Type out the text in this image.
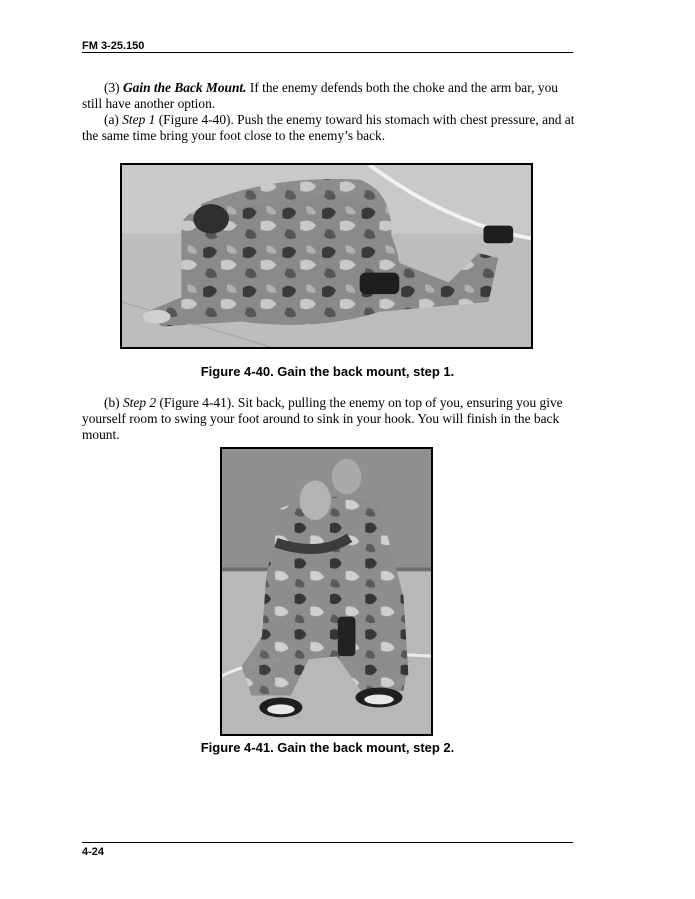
FM 3-25.150

(3) Gain the Back Mount. If the enemy defends both the choke and the arm bar, you still have another option.

(a) Step 1 (Figure 4-40). Push the enemy toward his stomach with chest pressure, and at the same time bring your foot close to the enemy’s back.

Figure 4-40. Gain the back mount, step 1.

(b) Step 2 (Figure 4-41). Sit back, pulling the enemy on top of you, ensuring you give yourself room to swing your foot around to sink in your hook. You will finish in the back mount.

Figure 4-41. Gain the back mount, step 2.
4-24
